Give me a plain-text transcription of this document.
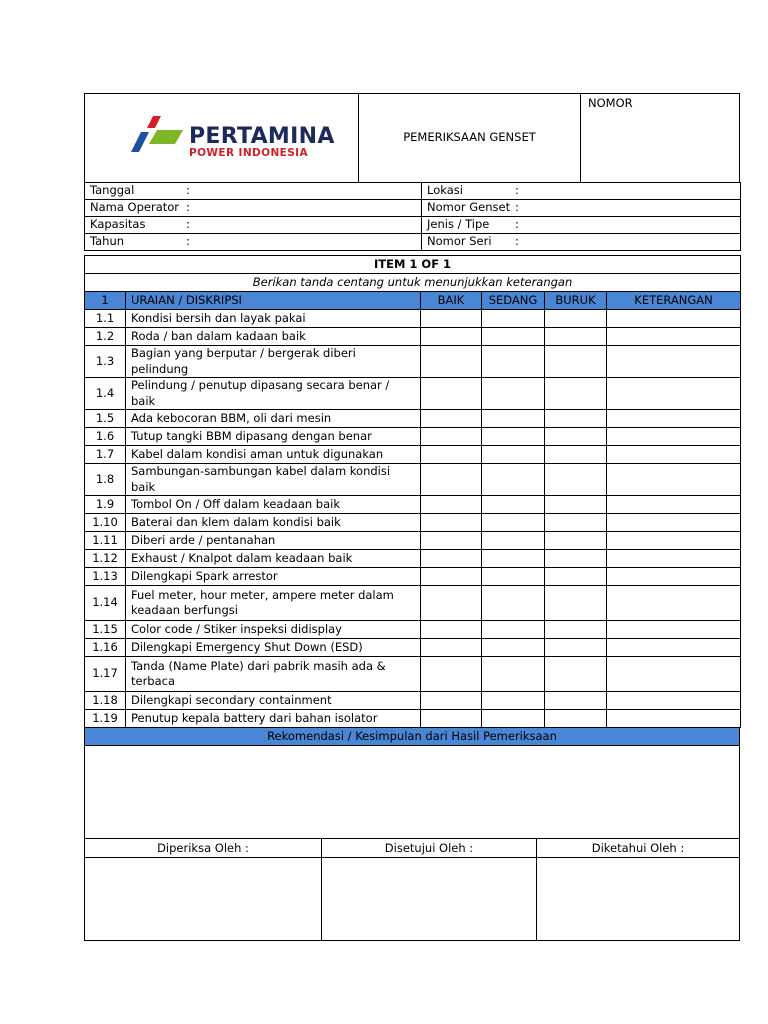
PERTAMINA
POWER INDONESIA
PEMERIKSAAN GENSET
NOMOR
Tanggal :	Lokasi :
Nama Operator :	Nomor Genset :
Kapasitas :	Jenis / Tipe :
Tahun :	Nomor Seri :
ITEM 1 OF 1					
Berikan tanda centang untuk menunjukkan keterangan					
1	URAIAN / DISKRIPSI	BAIK	SEDANG	BURUK	KETERANGAN
1.1	Kondisi bersih dan layak pakai				
1.2	Roda / ban dalam kadaan baik				
1.3	Bagian yang berputar / bergerak diberi pelindung				
1.4	Pelindung / penutup dipasang secara benar / baik				
1.5	Ada kebocoran BBM, oli dari mesin				
1.6	Tutup tangki BBM dipasang dengan benar				
1.7	Kabel dalam kondisi aman untuk digunakan				
1.8	Sambungan-sambungan kabel dalam kondisi baik				
1.9	Tombol On / Off dalam keadaan baik				
1.10	Baterai dan klem dalam kondisi baik				
1.11	Diberi arde / pentanahan				
1.12	Exhaust / Knalpot dalam keadaan baik				
1.13	Dilengkapi Spark arrestor				
1.14	Fuel meter, hour meter, ampere meter dalam keadaan berfungsi				
1.15	Color code / Stiker inspeksi didisplay				
1.16	Dilengkapi Emergency Shut Down (ESD)				
1.17	Tanda (Name Plate) dari pabrik masih ada & terbaca				
1.18	Dilengkapi secondary containment				
1.19	Penutup kepala battery dari bahan isolator				
Rekomendasi / Kesimpulan dari Hasil Pemeriksaan
Diperiksa Oleh :	Disetujui Oleh :	Diketahui Oleh :
